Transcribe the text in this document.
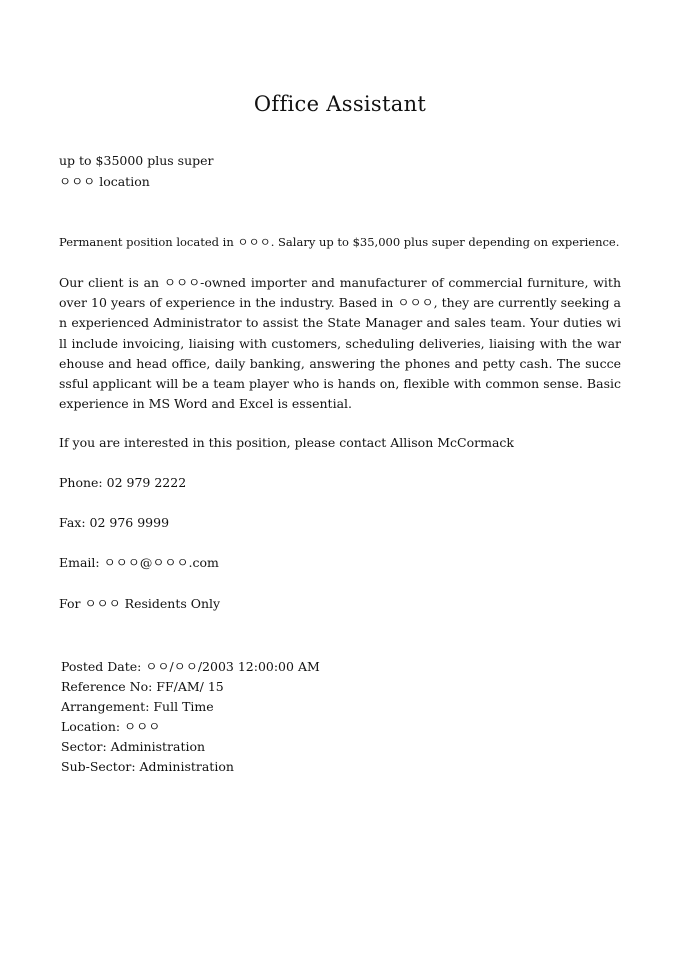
Office Assistant
up to $35000 plus super
ㅇㅇㅇ location
Permanent position located in ㅇㅇㅇ. Salary up to $35,000 plus super depending on experience.
Our client is an ㅇㅇㅇ-owned importer and manufacturer of commercial furniture, with over 10 years of experience in the industry. Based in ㅇㅇㅇ, they are currently seeking an experienced Administrator to assist the State Manager and sales team. Your duties will include invoicing, liaising with customers, scheduling deliveries, liaising with the warehouse and head office, daily banking, answering the phones and petty cash. The successful applicant will be a team player who is hands on, flexible with common sense. Basic experience in MS Word and Excel is essential.
If you are interested in this position, please contact Allison McCormack
Phone: 02 979 2222
Fax: 02 976 9999
Email: ㅇㅇㅇ@ㅇㅇㅇ.com
For ㅇㅇㅇ Residents Only
Posted Date: ㅇㅇ/ㅇㅇ/2003 12:00:00 AM
Reference No: FF/AM/ 15
Arrangement: Full Time
Location: ㅇㅇㅇ
Sector: Administration
Sub-Sector: Administration
